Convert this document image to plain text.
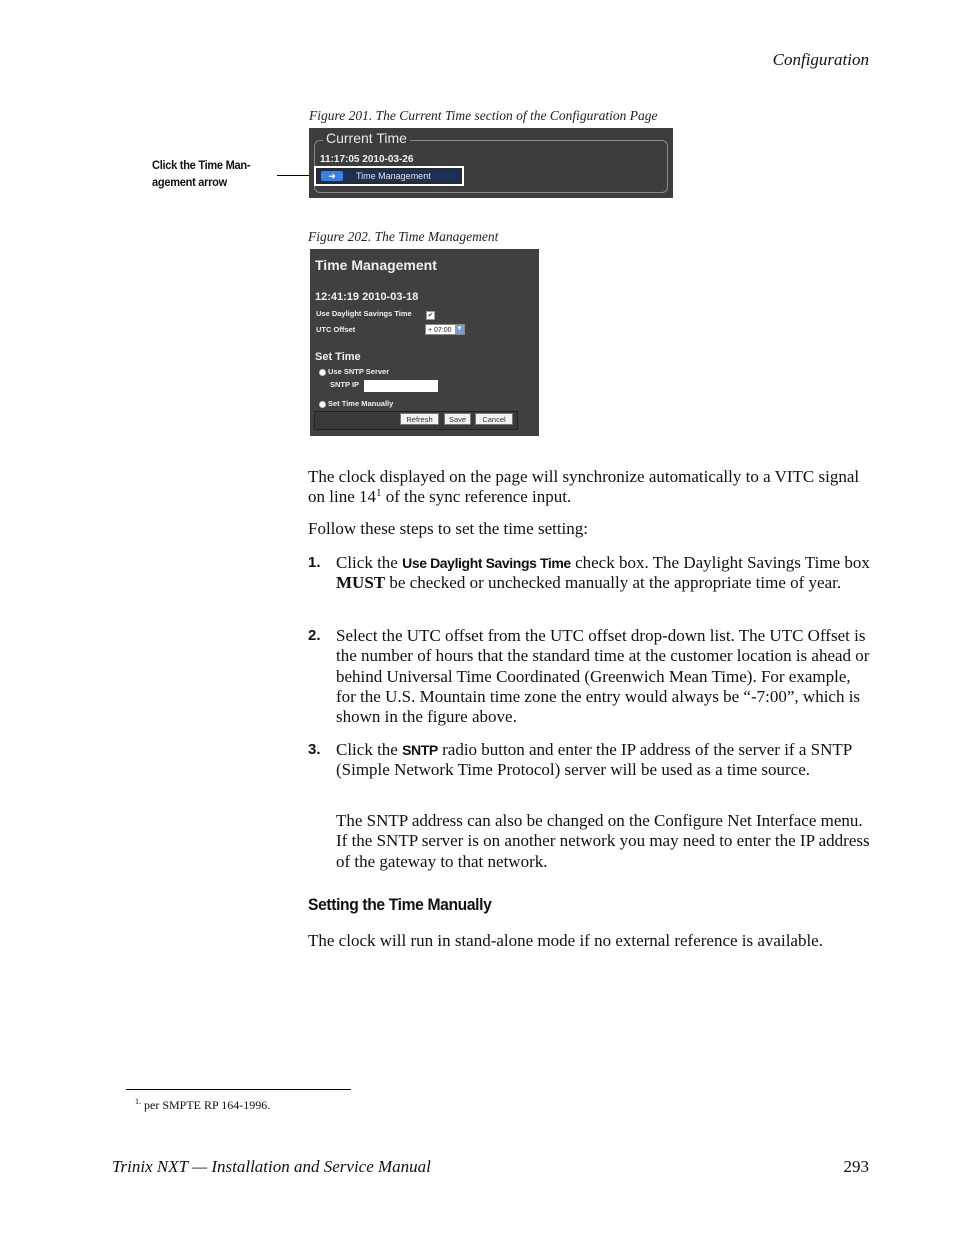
Configuration
Figure 201. The Current Time section of the Configuration Page
Click the Time Man- agement arrow
Current Time
11:17:05 2010-03-26
➜	Time Management
Figure 202. The Time Management
Time Management
12:41:19 2010-03-18
Use Daylight Savings Time ✔
UTC Offset	+ 07:00 ▼
Set Time
Use SNTP Server
SNTP IP
Set Time Manually
Refresh	Save	Cancel
The clock displayed on the page will synchronize automatically to a VITC signal on line 14$^1$ of the sync reference input.
Follow these steps to set the time setting:
1. Click the Use Daylight Savings Time check box. The Daylight Savings Time box MUST be checked or unchecked manually at the appropriate time of year.
2. Select the UTC offset from the UTC offset drop-down list. The UTC Offset is the number of hours that the standard time at the customer location is ahead or behind Universal Time Coordinated (Greenwich Mean Time). For example, for the U.S. Mountain time zone the entry would always be “-7:00”, which is shown in the figure above.
3. Click the SNTP radio button and enter the IP address of the server if a SNTP (Simple Network Time Protocol) server will be used as a time source.
The SNTP address can also be changed on the Configure Net Interface menu. If the SNTP server is on another network you may need to enter the IP address of the gateway to that network.
Setting the Time Manually
The clock will run in stand-alone mode if no external reference is available.
$^{1.}$ per SMPTE RP 164-1996.
Trinix NXT — Installation and Service Manual	293
